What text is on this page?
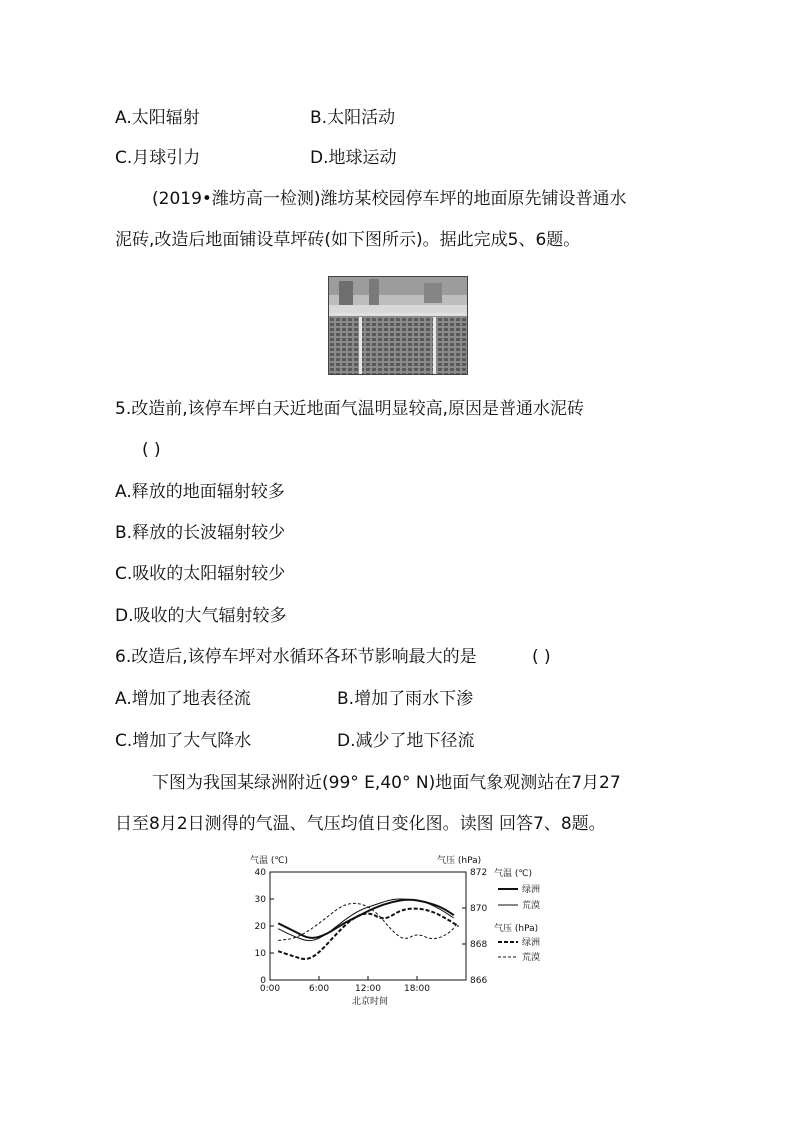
A.太阳辐射	B.太阳活动
C.月球引力	D.地球运动
(2019•潍坊高一检测)潍坊某校园停车坪的地面原先铺设普通水
泥砖,改造后地面铺设草坪砖(如下图所示)。据此完成5、6题。
5.改造前,该停车坪白天近地面气温明显较高,原因是普通水泥砖
( )
A.释放的地面辐射较多
B.释放的长波辐射较少
C.吸收的太阳辐射较少
D.吸收的大气辐射较多
6.改造后,该停车坪对水循环各环节影响最大的是	( )
A.增加了地表径流	B.增加了雨水下渗
C.增加了大气降水	D.减少了地下径流
下图为我国某绿洲附近(99° E,40° N)地面气象观测站在7月27
日至8月2日测得的气温、气压均值日变化图。读图 回答7、8题。
气温 (℃)	气压 (hPa)
北京时间
0
10
20
30
40
866
868
870
872
0:00	6:00	12:00	18:00
气温 (℃)
绿洲
荒漠
气压 (hPa)
绿洲
荒漠
